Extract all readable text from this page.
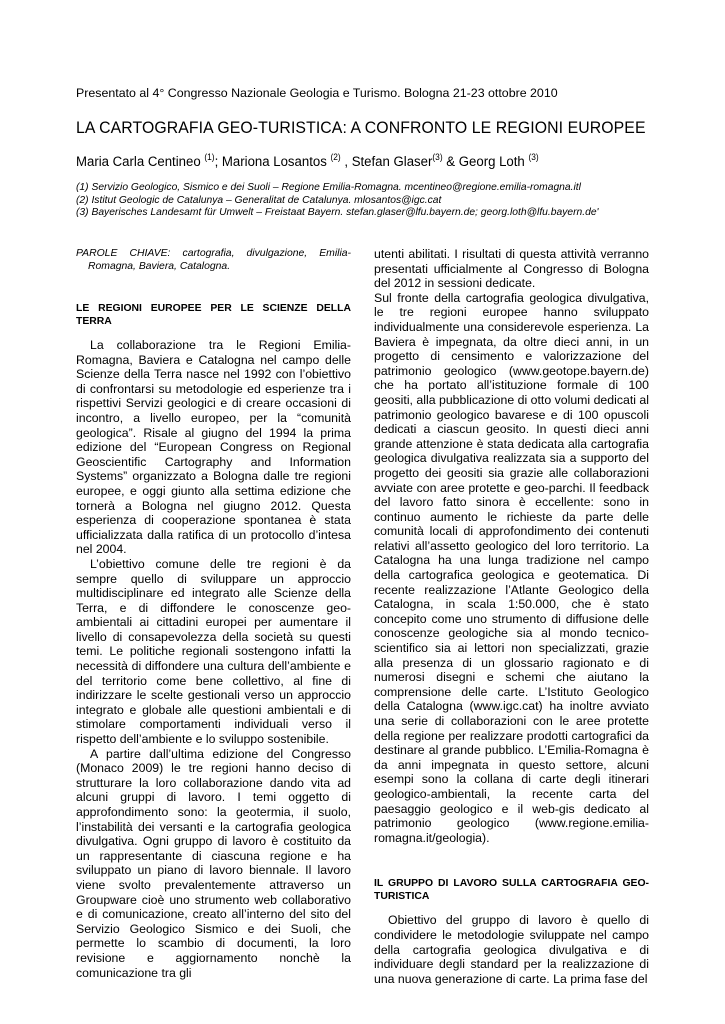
Presentato al 4° Congresso Nazionale Geologia e Turismo. Bologna 21-23 ottobre 2010
LA CARTOGRAFIA GEO-TURISTICA: A CONFRONTO LE REGIONI EUROPEE
Maria Carla Centineo $^{(1)}$; Mariona Losantos $^{(2)}$ , Stefan Glaser$^{(3)}$ & Georg Loth $^{(3)}$
(1) Servizio Geologico, Sismico e dei Suoli – Regione Emilia-Romagna. mcentineo@regione.emilia-romagna.itl
(2) Istitut Geologic de Catalunya – Generalitat de Catalunya. mlosantos@igc.cat
(3) Bayerisches Landesamt für Umwelt – Freistaat Bayern. stefan.glaser@lfu.bayern.de; georg.loth@lfu.bayern.de'

PAROLE CHIAVE: cartografia, divulgazione, Emilia-Romagna, Baviera, Catalogna.

LE REGIONI EUROPEE PER LE SCIENZE DELLA TERRA

La collaborazione tra le Regioni Emilia-Romagna, Baviera e Catalogna nel campo delle Scienze della Terra nasce nel 1992 con l’obiettivo di confrontarsi su metodologie ed esperienze tra i rispettivi Servizi geologici e di creare occasioni di incontro, a livello europeo, per la “comunità geologica”. Risale al giugno del 1994 la prima edizione del “European Congress on Regional Geoscientific Cartography and Information Systems” organizzato a Bologna dalle tre regioni europee, e oggi giunto alla settima edizione che tornerà a Bologna nel giugno 2012. Questa esperienza di cooperazione spontanea è stata ufficializzata dalla ratifica di un protocollo d’intesa nel 2004.

L’obiettivo comune delle tre regioni è da sempre quello di sviluppare un approccio multidisciplinare ed integrato alle Scienze della Terra, e di diffondere le conoscenze geo-ambientali ai cittadini europei per aumentare il livello di consapevolezza della società su questi temi. Le politiche regionali sostengono infatti la necessità di diffondere una cultura dell’ambiente e del territorio come bene collettivo, al fine di indirizzare le scelte gestionali verso un approccio integrato e globale alle questioni ambientali e di stimolare comportamenti individuali verso il rispetto dell’ambiente e lo sviluppo sostenibile.

A partire dall’ultima edizione del Congresso (Monaco 2009) le tre regioni hanno deciso di strutturare la loro collaborazione dando vita ad alcuni gruppi di lavoro. I temi oggetto di approfondimento sono: la geotermia, il suolo, l’instabilità dei versanti e la cartografia geologica divulgativa. Ogni gruppo di lavoro è costituito da un rappresentante di ciascuna regione e ha sviluppato un piano di lavoro biennale. Il lavoro viene svolto prevalentemente attraverso un Groupware cioè uno strumento web collaborativo e di comunicazione, creato all’interno del sito del Servizio Geologico Sismico e dei Suoli, che permette lo scambio di documenti, la loro revisione e aggiornamento nonchè la comunicazione tra gli

utenti abilitati. I risultati di questa attività verranno presentati ufficialmente al Congresso di Bologna del 2012 in sessioni dedicate.

Sul fronte della cartografia geologica divulgativa, le tre regioni europee hanno sviluppato individualmente una considerevole esperienza. La Baviera è impegnata, da oltre dieci anni, in un progetto di censimento e valorizzazione del patrimonio geologico (www.geotope.bayern.de) che ha portato all’istituzione formale di 100 geositi, alla pubblicazione di otto volumi dedicati al patrimonio geologico bavarese e di 100 opuscoli dedicati a ciascun geosito. In questi dieci anni grande attenzione è stata dedicata alla cartografia geologica divulgativa realizzata sia a supporto del progetto dei geositi sia grazie alle collaborazioni avviate con aree protette e geo-parchi. Il feedback del lavoro fatto sinora è eccellente: sono in continuo aumento le richieste da parte delle comunità locali di approfondimento dei contenuti relativi all’assetto geologico del loro territorio. La Catalogna ha una lunga tradizione nel campo della cartografica geologica e geotematica. Di recente realizzazione l’Atlante Geologico della Catalogna, in scala 1:50.000, che è stato concepito come uno strumento di diffusione delle conoscenze geologiche sia al mondo tecnico-scientifico sia ai lettori non specializzati, grazie alla presenza di un glossario ragionato e di numerosi disegni e schemi che aiutano la comprensione delle carte. L’Istituto Geologico della Catalogna (www.igc.cat) ha inoltre avviato una serie di collaborazioni con le aree protette della regione per realizzare prodotti cartografici da destinare al grande pubblico. L’Emilia-Romagna è da anni impegnata in questo settore, alcuni esempi sono la collana di carte degli itinerari geologico-ambientali, la recente carta del paesaggio geologico e il web-gis dedicato al patrimonio geologico (www.regione.emilia-romagna.it/geologia).

IL GRUPPO DI LAVORO SULLA CARTOGRAFIA GEO-TURISTICA

Obiettivo del gruppo di lavoro è quello di condividere le metodologie sviluppate nel campo della cartografia geologica divulgativa e di individuare degli standard per la realizzazione di una nuova generazione di carte. La prima fase del
